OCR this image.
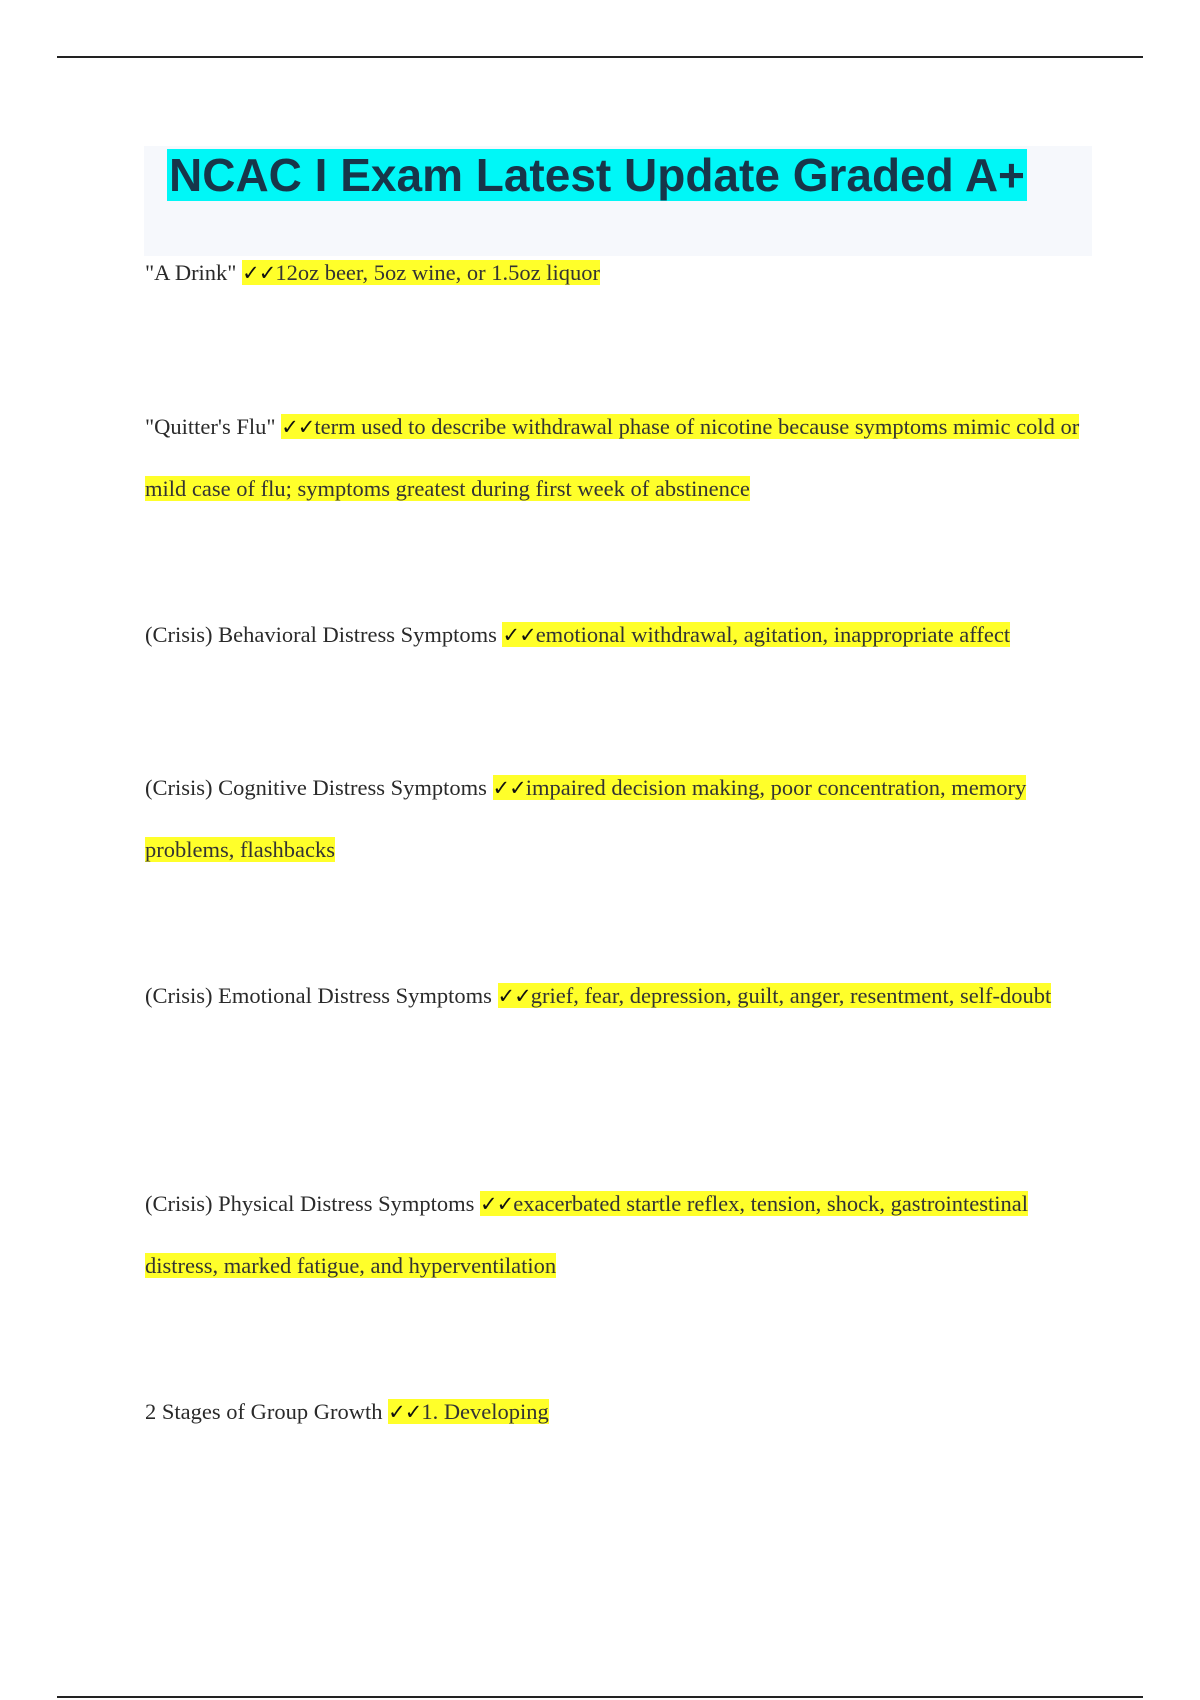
NCAC I Exam Latest Update Graded A+

"A Drink" ✓✓12oz beer, 5oz wine, or 1.5oz liquor

"Quitter's Flu" ✓✓term used to describe withdrawal phase of nicotine because symptoms mimic cold or mild case of flu; symptoms greatest during first week of abstinence

(Crisis) Behavioral Distress Symptoms ✓✓emotional withdrawal, agitation, inappropriate affect

(Crisis) Cognitive Distress Symptoms ✓✓impaired decision making, poor concentration, memory problems, flashbacks

(Crisis) Emotional Distress Symptoms ✓✓grief, fear, depression, guilt, anger, resentment, self-doubt

(Crisis) Physical Distress Symptoms ✓✓exacerbated startle reflex, tension, shock, gastrointestinal distress, marked fatigue, and hyperventilation

2 Stages of Group Growth ✓✓1. Developing
